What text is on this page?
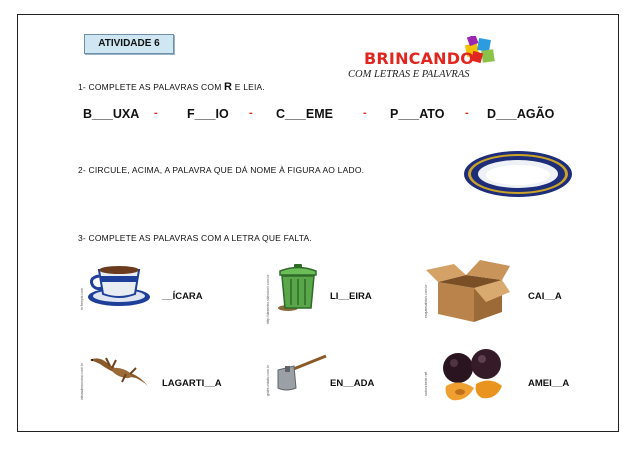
ATIVIDADE 6
BRINCANDO
COM LETRAS E PALAVRAS
1- COMPLETE AS PALAVRAS COM R E LEIA.
B___UXA - F___IO - C___EME	- P___ATO - D___AGÃO
2- CIRCULE, ACIMA, A PALAVRA QUE DÁ NOME À FIGURA AO LADO.
3- COMPLETE AS PALAVRAS COM A LETRA QUE FALTA.
br.freepik.com	__ÍCARA	http://desenho.sitecolorir.com.br	LI__EIRA	esquemafotos.com.br	CAI__A
ideiasdenocomo.com.br	LAGARTI__A	gratis.cstatic.com.br	EN__ADA	saborebebe.net	AMEI__A
